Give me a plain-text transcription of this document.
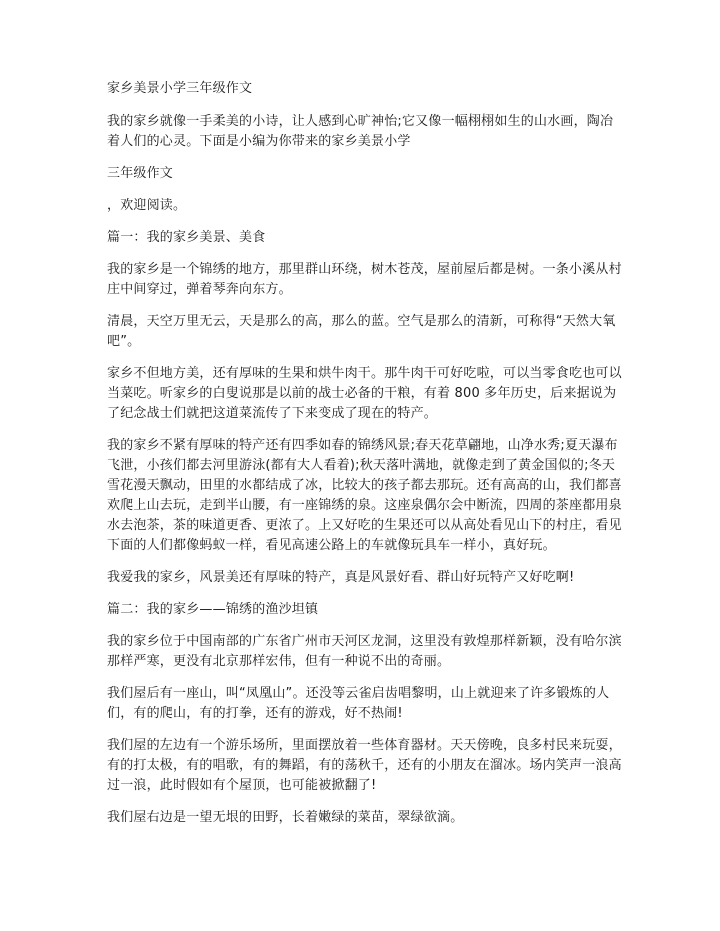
家乡美景小学三年级作文

我的家乡就像一手柔美的小诗，让人感到心旷神怡;它又像一幅栩栩如生的山水画，陶冶着人们的心灵。下面是小编为你带来的家乡美景小学

三年级作文

，欢迎阅读。

篇一：我的家乡美景、美食

我的家乡是一个锦绣的地方，那里群山环绕，树木苍茂，屋前屋后都是树。一条小溪从村庄中间穿过，弹着琴奔向东方。

清晨，天空万里无云，天是那么的高，那么的蓝。空气是那么的清新，可称得“天然大氧吧”。

家乡不但地方美，还有厚味的生果和烘牛肉干。那牛肉干可好吃啦，可以当零食吃也可以当菜吃。听家乡的白叟说那是以前的战士必备的干粮，有着 800 多年历史，后来据说为了纪念战士们就把这道菜流传了下来变成了现在的特产。

我的家乡不紧有厚味的特产还有四季如春的锦绣风景;春天花草翩地，山净水秀;夏天瀑布飞泄，小孩们都去河里游泳(都有大人看着);秋天落叶满地，就像走到了黄金国似的;冬天雪花漫天飘动，田里的水都结成了冰，比较大的孩子都去那玩。还有高高的山，我们都喜欢爬上山去玩，走到半山腰，有一座锦绣的泉。这座泉偶尔会中断流，四周的茶座都用泉水去泡茶，茶的味道更香、更浓了。上又好吃的生果还可以从高处看见山下的村庄，看见下面的人们都像蚂蚁一样，看见高速公路上的车就像玩具车一样小，真好玩。

我爱我的家乡，风景美还有厚味的特产，真是风景好看、群山好玩特产又好吃啊!

篇二：我的家乡——锦绣的渔沙坦镇

我的家乡位于中国南部的广东省广州市天河区龙洞，这里没有敦煌那样新颖，没有哈尔滨那样严寒，更没有北京那样宏伟，但有一种说不出的奇丽。

我们屋后有一座山，叫“凤凰山”。还没等云雀启齿唱黎明，山上就迎来了许多锻炼的人们，有的爬山，有的打拳，还有的游戏，好不热闹!

我们屋的左边有一个游乐场所，里面摆放着一些体育器材。天天傍晚，良多村民来玩耍，有的打太极，有的唱歌，有的舞蹈，有的荡秋千，还有的小朋友在溜冰。场内笑声一浪高过一浪，此时假如有个屋顶，也可能被掀翻了!

我们屋右边是一望无垠的田野，长着嫩绿的菜苗，翠绿欲滴。
